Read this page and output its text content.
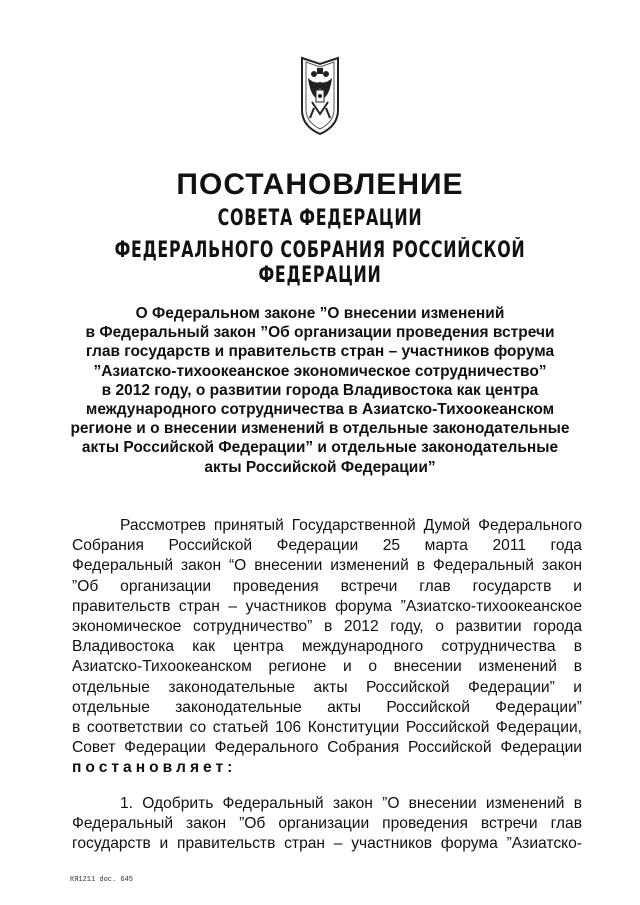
ПОСТАНОВЛЕНИЕ
СОВЕТА ФЕДЕРАЦИИ
ФЕДЕРАЛЬНОГО СОБРАНИЯ РОССИЙСКОЙ ФЕДЕРАЦИИ
О Федеральном законе ”О внесении изменений
в Федеральный закон ”Об организации проведения встречи
глав государств и правительств стран – участников форума
”Азиатско-тихоокеанское экономическое сотрудничество”
в 2012 году, о развитии города Владивостока как центра
международного сотрудничества в Азиатско-Тихоокеанском
регионе и о внесении изменений в отдельные законодательные
акты Российской Федерации” и отдельные законодательные
акты Российской Федерации”
Рассмотрев принятый Государственной Думой Федерального
Собрания Российской Федерации 25 марта 2011 года
Федеральный закон “О внесении изменений в Федеральный закон
”Об организации проведения встречи глав государств и
правительств стран – участников форума ”Азиатско-тихоокеанское
экономическое сотрудничество” в 2012 году, о развитии города
Владивостока как центра международного сотрудничества в
Азиатско-Тихоокеанском регионе и о внесении изменений в
отдельные законодательные акты Российской Федерации” и
отдельные законодательные акты Российской Федерации”
в соответствии со статьей 106 Конституции Российской Федерации,
Совет Федерации Федерального Собрания Российской Федерации
постановляет:
1. Одобрить Федеральный закон ”О внесении изменений в
Федеральный закон ”Об организации проведения встречи глав
государств и правительств стран – участников форума ”Азиатско-
КЯ1211 doc. 645
